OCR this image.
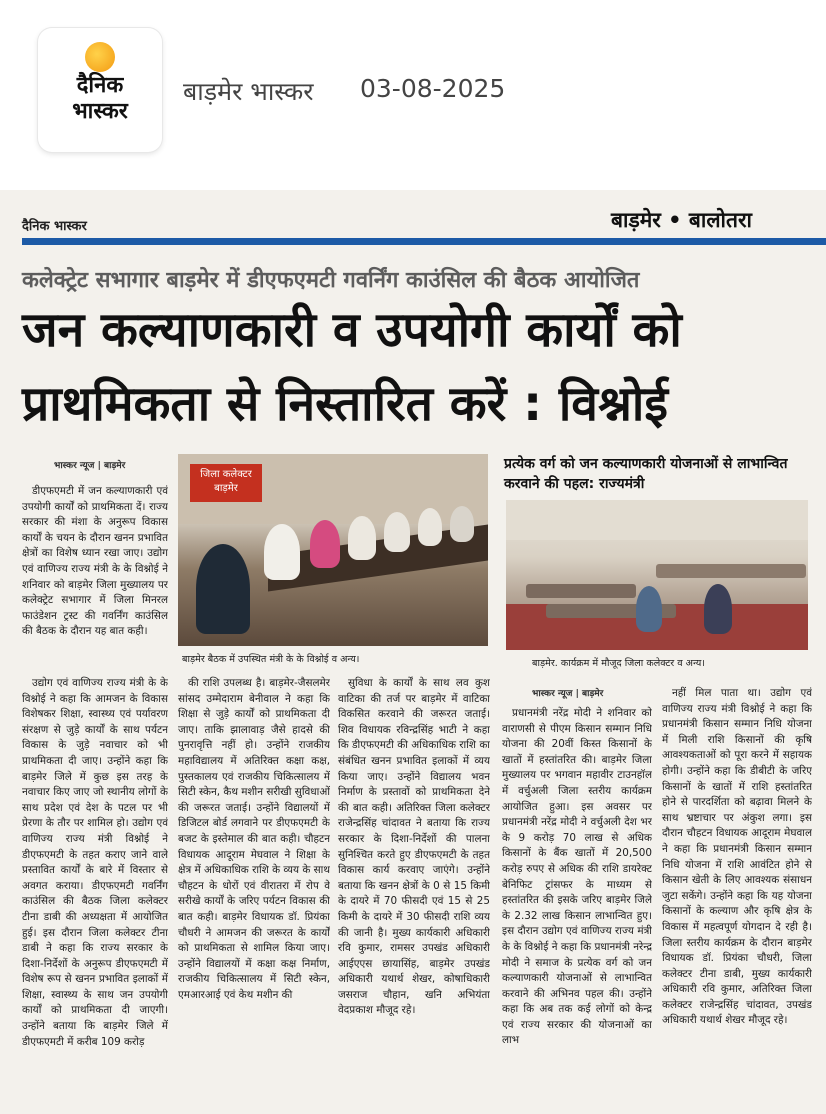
दैनिक
भास्कर
बाड़मेर भास्कर 03-08-2025
दैनिक भास्कर	बाड़मेर • बालोतरा
कलेक्ट्रेट सभागार बाड़मेर में डीएफएमटी गवर्निंग काउंसिल की बैठक आयोजित
जन कल्याणकारी व उपयोगी कार्यों को
प्राथमिकता से निस्तारित करें : विश्नोई
भास्कर न्यूज | बाड़मेर

डीएफएमटी में जन कल्याणकारी एवं उपयोगी कार्यों को प्राथमिकता दें। राज्य सरकार की मंशा के अनुरूप विकास कार्यों के चयन के दौरान खनन प्रभावित क्षेत्रों का विशेष ध्यान रखा जाए। उद्योग एवं वाणिज्य राज्य मंत्री के के विश्नोई ने शनिवार को बाड़मेर जिला मुख्यालय पर कलेक्ट्रेट सभागार में जिला मिनरल फाउंडेशन ट्रस्ट की गवर्निंग काउंसिल की बैठक के दौरान यह बात कही।

जिला कलेक्टर बाड़मेर
बाड़मेर बैठक में उपस्थित मंत्री के के विश्नोई व अन्य।
प्रत्येक वर्ग को जन कल्याणकारी योजनाओं से लाभान्वित करवाने की पहल: राज्यमंत्री
बाड़मेर. कार्यक्रम में मौजूद जिला कलेक्टर व अन्य।

उद्योग एवं वाणिज्य राज्य मंत्री के के विश्नोई ने कहा कि आमजन के विकास विशेषकर शिक्षा, स्वास्थ्य एवं पर्यावरण संरक्षण से जुड़े कार्यों के साथ पर्यटन विकास के जुड़े नवाचार को भी प्राथमिकता दी जाए। उन्होंने कहा कि बाड़मेर जिले में कुछ इस तरह के नवाचार किए जाए जो स्थानीय लोगों के साथ प्रदेश एवं देश के पटल पर भी प्रेरणा के तौर पर शामिल हो। उद्योग एवं वाणिज्य राज्य मंत्री विश्नोई ने डीएफएमटी के तहत कराए जाने वाले प्रस्तावित कार्यों के बारे में विस्तार से अवगत कराया। डीएफएमटी गवर्निंग काउंसिल की बैठक जिला कलेक्टर टीना डाबी की अध्यक्षता में आयोजित हुई। इस दौरान जिला कलेक्टर टीना डाबी ने कहा कि राज्य सरकार के दिशा-निर्देशों के अनुरूप डीएफएमटी में विशेष रूप से खनन प्रभावित इलाकों में शिक्षा, स्वास्थ्य के साथ जन उपयोगी कार्यों को प्राथमिकता दी जाएगी। उन्होंने बताया कि बाड़मेर जिले में डीएफएमटी में करीब 109 करोड़

की राशि उपलब्ध है। बाड़मेर-जैसलमेर सांसद उम्मेदाराम बेनीवाल ने कहा कि शिक्षा से जुड़े कार्यों को प्राथमिकता दी जाए। ताकि झालावाड़ जैसे हादसे की पुनरावृत्ति नहीं हो। उन्होंने राजकीय महाविद्यालय में अतिरिक्त कक्षा कक्ष, पुस्तकालय एवं राजकीय चिकित्सालय में सिटी स्केन, कैथ मशीन सरीखी सुविधाओं की जरूरत जताई। उन्होंने विद्यालयों में डिजिटल बोर्ड लगवाने पर डीएफएमटी के बजट के इस्तेमाल की बात कही। चौहटन विधायक आदूराम मेघवाल ने शिक्षा के क्षेत्र में अधिकाधिक राशि के व्यय के साथ चौहटन के धोरों एवं वीरातरा में रोप वे सरीखे कार्यों के जरिए पर्यटन विकास की बात कही। बाड़मेर विधायक डॉ. प्रियंका चौधरी ने आमजन की जरूरत के कार्यों को प्राथमिकता से शामिल किया जाए। उन्होंने विद्यालयों में कक्षा कक्ष निर्माण, राजकीय चिकित्सालय में सिटी स्केन, एमआरआई एवं केथ मशीन की

सुविधा के कार्यों के साथ लव कुश वाटिका की तर्ज पर बाड़मेर में वाटिका विकसित करवाने की जरूरत जताई। शिव विधायक रविन्द्रसिंह भाटी ने कहा कि डीएफएमटी की अधिकाधिक राशि का संबंधित खनन प्रभावित इलाकों में व्यय किया जाए। उन्होंने विद्यालय भवन निर्माण के प्रस्तावों को प्राथमिकता देने की बात कही। अतिरिक्त जिला कलेक्टर राजेन्द्रसिंह चांदावत ने बताया कि राज्य सरकार के दिशा-निर्देशों की पालना सुनिश्चित करते हुए डीएफएमटी के तहत विकास कार्य करवाए जाएंगे। उन्होंने बताया कि खनन क्षेत्रों के 0 से 15 किमी के दायरे में 70 फीसदी एवं 15 से 25 किमी के दायरे में 30 फीसदी राशि व्यय की जानी है। मुख्य कार्यकारी अधिकारी रवि कुमार, रामसर उपखंड अधिकारी आईएएस छायासिंह, बाड़मेर उपखंड अधिकारी यथार्थ शेखर, कोषाधिकारी जसराज चौहान, खनि अभियंता वेदप्रकाश मौजूद रहे।

भास्कर न्यूज | बाड़मेर

प्रधानमंत्री नरेंद्र मोदी ने शनिवार को वाराणसी से पीएम किसान सम्मान निधि योजना की 20वीं किस्त किसानों के खातों में हस्तांतरित की। बाड़मेर जिला मुख्यालय पर भगवान महावीर टाउनहॉल में वर्चुअली जिला स्तरीय कार्यक्रम आयोजित हुआ। इस अवसर पर प्रधानमंत्री नरेंद्र मोदी ने वर्चुअली देश भर के 9 करोड़ 70 लाख से अधिक किसानों के बैंक खातों में 20,500 करोड़ रुपए से अधिक की राशि डायरेक्ट बेनिफिट ट्रांसफर के माध्यम से हस्तांतरित की इसके जरिए बाड़मेर जिले के 2.32 लाख किसान लाभान्वित हुए। इस दौरान उद्योग एवं वाणिज्य राज्य मंत्री के के विश्नोई ने कहा कि प्रधानमंत्री नरेन्द्र मोदी ने समाज के प्रत्येक वर्ग को जन कल्याणकारी योजनाओं से लाभान्वित करवाने की अभिनव पहल की। उन्होंने कहा कि अब तक कई लोगों को केन्द्र एवं राज्य सरकार की योजनाओं का लाभ

नहीं मिल पाता था। उद्योग एवं वाणिज्य राज्य मंत्री विश्नोई ने कहा कि प्रधानमंत्री किसान सम्मान निधि योजना में मिली राशि किसानों की कृषि आवश्यकताओं को पूरा करने में सहायक होगी। उन्होंने कहा कि डीबीटी के जरिए किसानों के खातों में राशि हस्तांतरित होने से पारदर्शिता को बढ़ावा मिलने के साथ भ्रष्टाचार पर अंकुश लगा। इस दौरान चौहटन विधायक आदूराम मेघवाल ने कहा कि प्रधानमंत्री किसान सम्मान निधि योजना में राशि आवंटित होने से किसान खेती के लिए आवश्यक संसाधन जुटा सकेंगे। उन्होंने कहा कि यह योजना किसानों के कल्याण और कृषि क्षेत्र के विकास में महत्वपूर्ण योगदान दे रही है। जिला स्तरीय कार्यक्रम के दौरान बाड़मेर विधायक डॉ. प्रियंका चौधरी, जिला कलेक्टर टीना डाबी, मुख्य कार्यकारी अधिकारी रवि कुमार, अतिरिक्त जिला कलेक्टर राजेन्द्रसिंह चांदावत, उपखंड अधिकारी यथार्थ शेखर मौजूद रहे।
